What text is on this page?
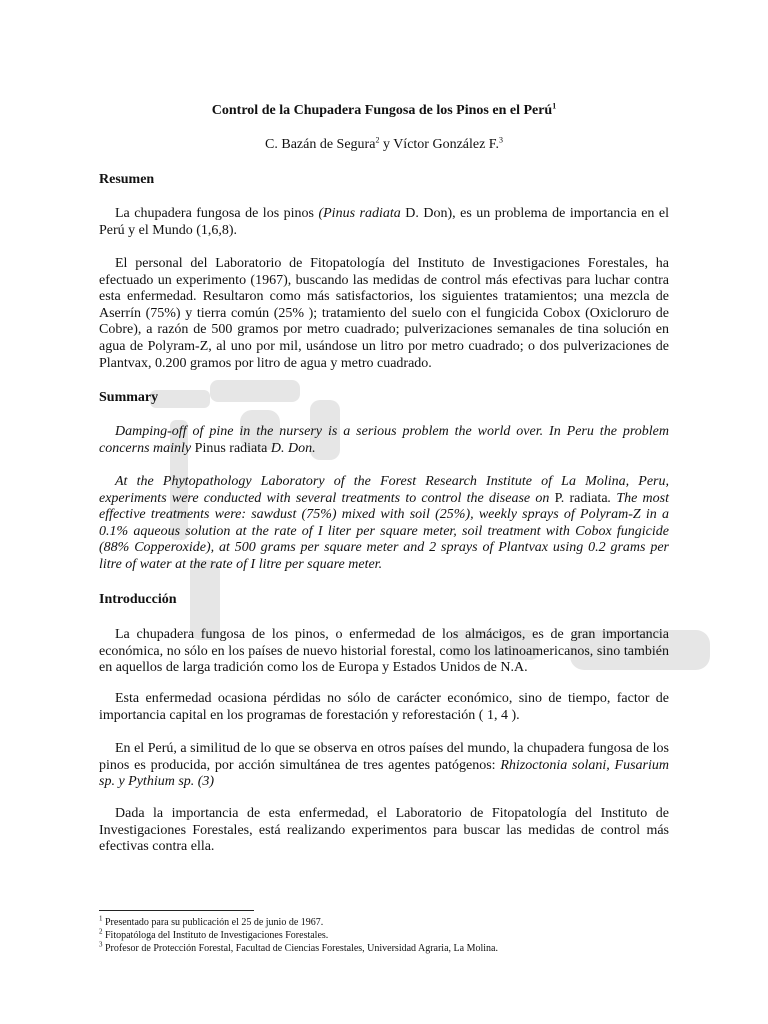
Control de la Chupadera Fungosa de los Pinos en el Perú$^1$
C. Bazán de Segura$^2$ y Víctor González F.$^3$
Resumen
La chupadera fungosa de los pinos (Pinus radiata D. Don), es un problema de importancia en el Perú y el Mundo (1,6,8).
El personal del Laboratorio de Fitopatología del Instituto de Investigaciones Forestales, ha efectuado un experimento (1967), buscando las medidas de control más efectivas para luchar contra esta enfermedad. Resultaron como más satisfactorios, los siguientes tratamientos; una mezcla de Aserrín (75%) y tierra común (25% ); tratamiento del suelo con el fungicida Cobox (Oxicloruro de Cobre), a razón de 500 gramos por metro cuadrado; pulverizaciones semanales de tina solución en agua de Polyram-Z, al uno por mil, usándose un litro por metro cuadrado; o dos pulverizaciones de Plantvax, 0.200 gramos por litro de agua y metro cuadrado.
Summary
Damping-off of pine in the nursery is a serious problem the world over. In Peru the problem concerns mainly Pinus radiata D. Don.
At the Phytopathology Laboratory of the Forest Research Institute of La Molina, Peru, experiments were conducted with several treatments to control the disease on P. radiata. The most effective treatments were: sawdust (75%) mixed with soil (25%), weekly sprays of Polyram-Z in a 0.1% aqueous solution at the rate of I liter per square meter, soil treatment with Cobox fungicide (88% Copperoxide), at 500 grams per square meter and 2 sprays of Plantvax using 0.2 grams per litre of water at the rate of I litre per square meter.
Introducción
La chupadera fungosa de los pinos, o enfermedad de los almácigos, es de gran importancia económica, no sólo en los países de nuevo historial forestal, como los latinoamericanos, sino también en aquellos de larga tradición como los de Europa y Estados Unidos de N.A.
Esta enfermedad ocasiona pérdidas no sólo de carácter económico, sino de tiempo, factor de importancia capital en los programas de forestación y reforestación ( 1, 4 ).
En el Perú, a similitud de lo que se observa en otros países del mundo, la chupadera fungosa de los pinos es producida, por acción simultánea de tres agentes patógenos: Rhizoctonia solani, Fusarium sp. y Pythium sp. (3)
Dada la importancia de esta enfermedad, el Laboratorio de Fitopatología del Instituto de Investigaciones Forestales, está realizando experimentos para buscar las medidas de control más efectivas contra ella.
$^1$ Presentado para su publicación el 25 de junio de 1967.
$^2$ Fitopatóloga del Instituto de Investigaciones Forestales.
$^3$ Profesor de Protección Forestal, Facultad de Ciencias Forestales, Universidad Agraria, La Molina.
